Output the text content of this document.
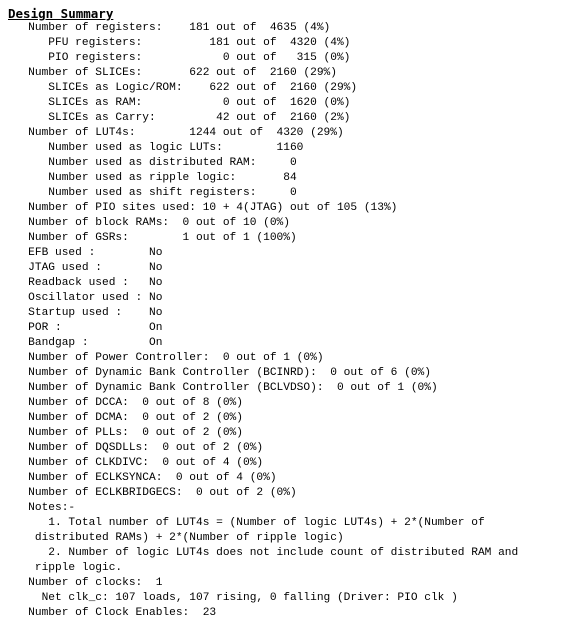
Design Summary
Number of registers:    181 out of  4635 (4%)
PFU registers:          181 out of  4320 (4%)
PIO registers:            0 out of   315 (0%)
Number of SLICEs:       622 out of  2160 (29%)
SLICEs as Logic/ROM:    622 out of  2160 (29%)
SLICEs as RAM:            0 out of  1620 (0%)
SLICEs as Carry:         42 out of  2160 (2%)
Number of LUT4s:        1244 out of  4320 (29%)
Number used as logic LUTs:        1160
Number used as distributed RAM:     0
Number used as ripple logic:       84
Number used as shift registers:     0
Number of PIO sites used: 10 + 4(JTAG) out of 105 (13%)
Number of block RAMs:  0 out of 10 (0%)
Number of GSRs:        1 out of 1 (100%)
EFB used :        No
JTAG used :       No
Readback used :   No
Oscillator used : No
Startup used :    No
POR :             On
Bandgap :         On
Number of Power Controller:  0 out of 1 (0%)
Number of Dynamic Bank Controller (BCINRD):  0 out of 6 (0%)
Number of Dynamic Bank Controller (BCLVDSO):  0 out of 1 (0%)
Number of DCCA:  0 out of 8 (0%)
Number of DCMA:  0 out of 2 (0%)
Number of PLLs:  0 out of 2 (0%)
Number of DQSDLLs:  0 out of 2 (0%)
Number of CLKDIVC:  0 out of 4 (0%)
Number of ECLKSYNCA:  0 out of 4 (0%)
Number of ECLKBRIDGECS:  0 out of 2 (0%)
Notes:-
1. Total number of LUT4s = (Number of logic LUT4s) + 2*(Number of
distributed RAMs) + 2*(Number of ripple logic)
2. Number of logic LUT4s does not include count of distributed RAM and
ripple logic.
Number of clocks:  1
Net clk_c: 107 loads, 107 rising, 0 falling (Driver: PIO clk )
Number of Clock Enables:  23
